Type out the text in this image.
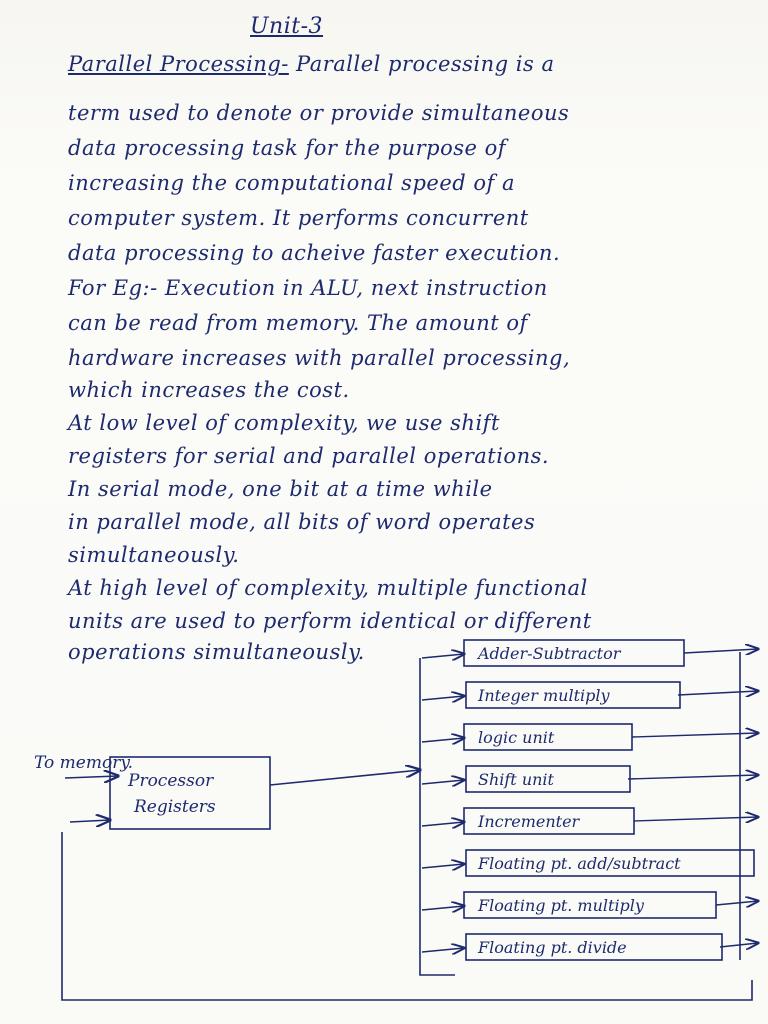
Unit-3
Parallel Processing- Parallel processing is a
term used to denote or provide simultaneous
data processing task for the purpose of
increasing the computational speed of a
computer system. It performs concurrent
data processing to acheive faster execution.
For Eg:- Execution in ALU, next instruction
can be read from memory. The amount of
hardware increases with parallel processing,
which increases the cost.
At low level of complexity, we use shift
registers for serial and parallel operations.
In serial mode, one bit at a time while
in parallel mode, all bits of word operates
simultaneously.
At high level of complexity, multiple functional
units are used to perform identical or different
operations simultaneously.	Adder-Subtractor
Integer multiply
logic unit
Shift unit
Incrementer
Floating pt. add/subtract
Floating pt. multiply
Floating pt. divide
To memory.
Processor
Registers
